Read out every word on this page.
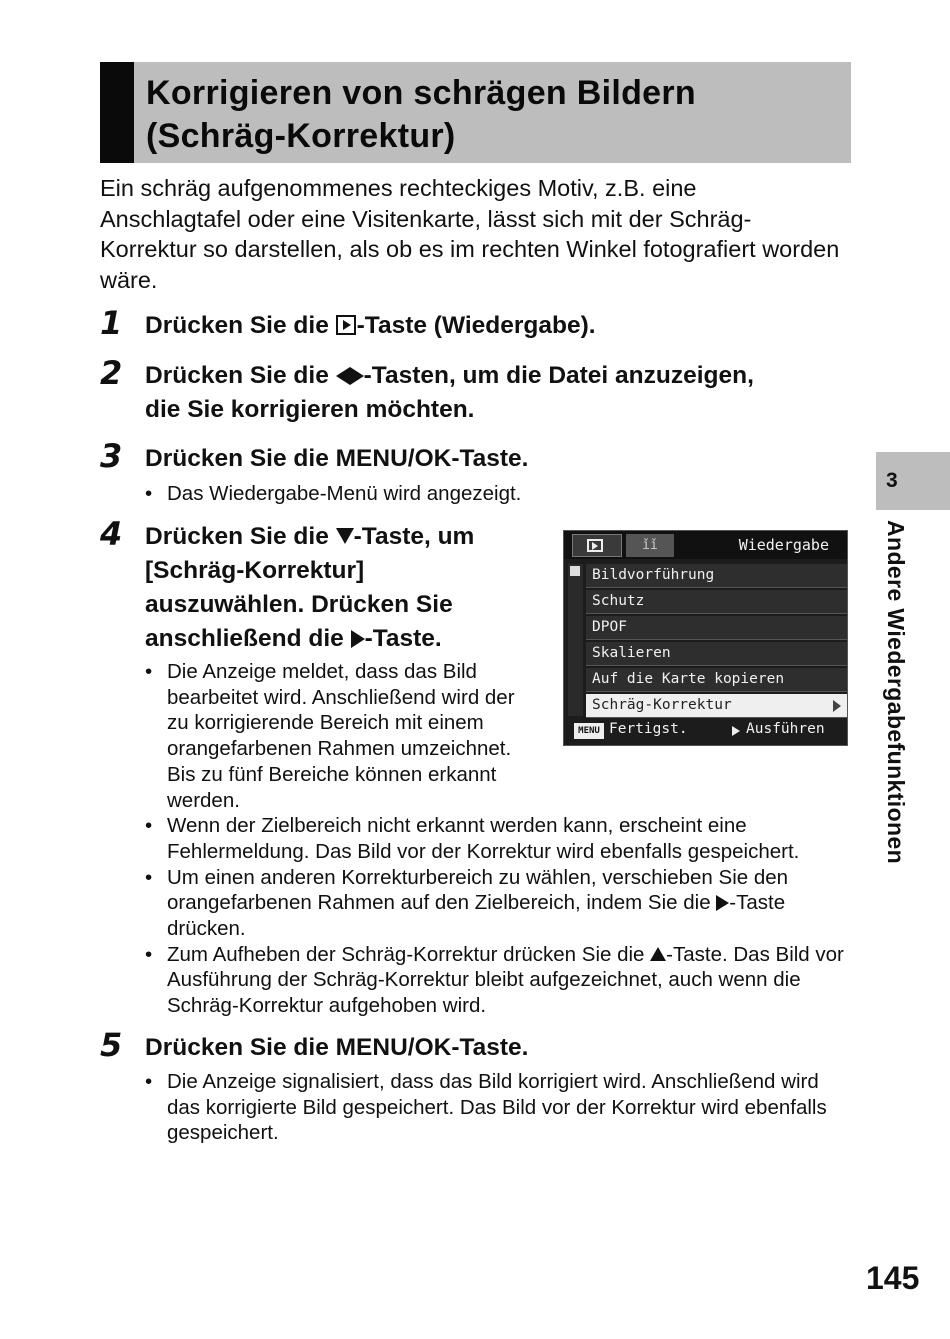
Korrigieren von schrägen Bildern
(Schräg-Korrektur)
Ein schräg aufgenommenes rechteckiges Motiv, z.B. eine Anschlagtafel oder eine Visitenkarte, lässt sich mit der Schräg-Korrektur so darstellen, als ob es im rechten Winkel fotografiert worden wäre.
1 Drücken Sie die -Taste (Wiedergabe).
2 Drücken Sie die -Tasten, um die Datei anzuzeigen,
die Sie korrigieren möchten.
3 Drücken Sie die MENU/OK-Taste.
• Das Wiedergabe-Menü wird angezeigt.
4 Drücken Sie die -Taste, um
[Schräg-Korrektur]
auszuwählen. Drücken Sie
anschließend die -Taste.
• Die Anzeige meldet, dass das Bild
bearbeitet wird. Anschließend wird der
zu korrigierende Bereich mit einem
orangefarbenen Rahmen umzeichnet.
Bis zu fünf Bereiche können erkannt
werden.
• Wenn der Zielbereich nicht erkannt werden kann, erscheint eine Fehlermeldung. Das Bild vor der Korrektur wird ebenfalls gespeichert.
• Um einen anderen Korrekturbereich zu wählen, verschieben Sie den orangefarbenen Rahmen auf den Zielbereich, indem Sie die -Taste drücken.
• Zum Aufheben der Schräg-Korrektur drücken Sie die -Taste. Das Bild vor Ausführung der Schräg-Korrektur bleibt aufgezeichnet, auch wenn die Schräg-Korrektur aufgehoben wird.
ǐǐ	Wiedergabe
Bildvorführung
Schutz
DPOF
Skalieren
Auf die Karte kopieren
Schräg-Korrektur
MENU Fertigst.	Ausführen
5 Drücken Sie die MENU/OK-Taste.
• Die Anzeige signalisiert, dass das Bild korrigiert wird. Anschließend wird das korrigierte Bild gespeichert. Das Bild vor der Korrektur wird ebenfalls gespeichert.
3
Andere Wiedergabefunktionen
145
